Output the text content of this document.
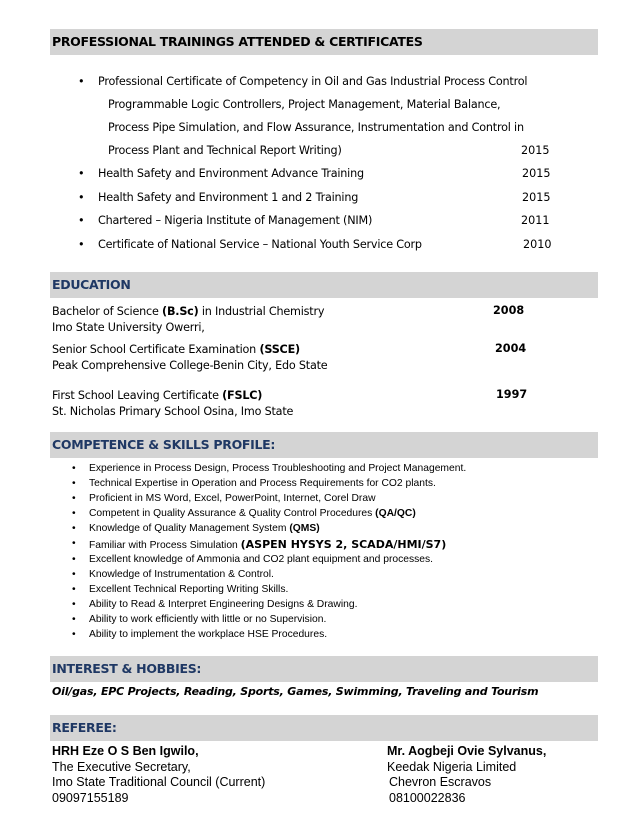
PROFESSIONAL TRAININGS ATTENDED & CERTIFICATES
• Professional Certificate of Competency in Oil and Gas Industrial Process Control
Programmable Logic Controllers, Project Management, Material Balance,
Process Pipe Simulation, and Flow Assurance, Instrumentation and Control in
Process Plant and Technical Report Writing)	2015
• Health Safety and Environment Advance Training	2015
• Health Safety and Environment 1 and 2 Training	2015
• Chartered – Nigeria Institute of Management (NIM)	2011
• Certificate of National Service – National Youth Service Corp	2010
EDUCATION
Bachelor of Science (B.Sc) in Industrial Chemistry
Imo State University Owerri,
2008
Senior School Certificate Examination (SSCE)
Peak Comprehensive College-Benin City, Edo State
2004
First School Leaving Certificate (FSLC)
St. Nicholas Primary School Osina, Imo State
1997
COMPETENCE & SKILLS PROFILE:
• Experience in Process Design, Process Troubleshooting and Project Management.
• Technical Expertise in Operation and Process Requirements for CO2 plants.
• Proficient in MS Word, Excel, PowerPoint, Internet, Corel Draw
• Competent in Quality Assurance & Quality Control Procedures (QA/QC)
• Knowledge of Quality Management System (QMS)
• Familiar with Process Simulation (ASPEN HYSYS 2, SCADA/HMI/S7)
• Excellent knowledge of Ammonia and CO2 plant equipment and processes.
• Knowledge of Instrumentation & Control.
• Excellent Technical Reporting Writing Skills.
• Ability to Read & Interpret Engineering Designs & Drawing.
• Ability to work efficiently with little or no Supervision.
• Ability to implement the workplace HSE Procedures.
INTEREST & HOBBIES:
Oil/gas, EPC Projects, Reading, Sports, Games, Swimming, Traveling and Tourism
REFEREE:
HRH Eze O S Ben Igwilo,
The Executive Secretary,
Imo State Traditional Council (Current)
09097155189
Mr. Aogbeji Ovie Sylvanus,
Keedak Nigeria Limited
Chevron Escravos
08100022836
